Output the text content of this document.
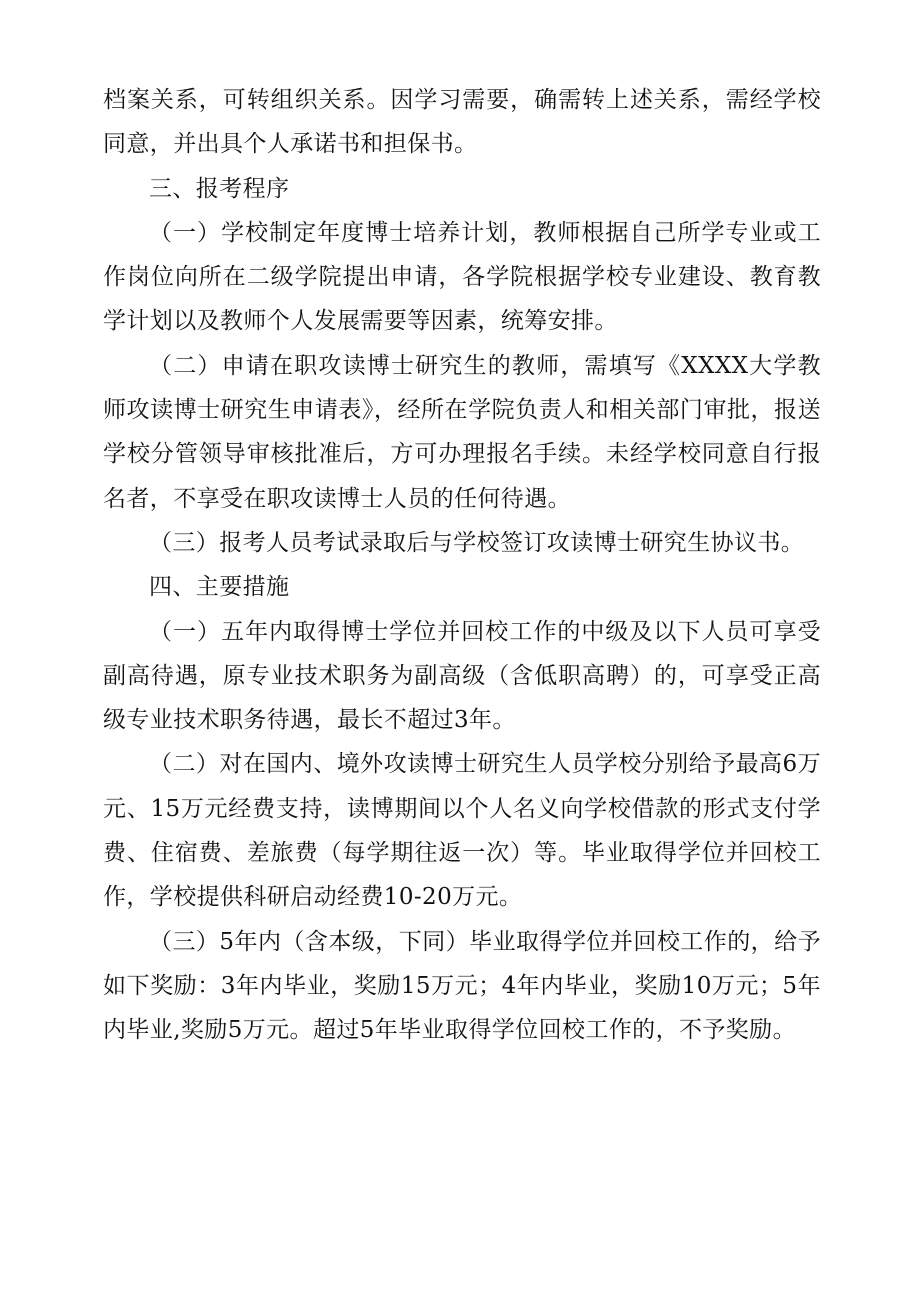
档案关系，可转组织关系。因学习需要，确需转上述关系，需经学校同意，并出具个人承诺书和担保书。

三、报考程序

（一）学校制定年度博士培养计划，教师根据自己所学专业或工作岗位向所在二级学院提出申请，各学院根据学校专业建设、教育教学计划以及教师个人发展需要等因素，统筹安排。

（二）申请在职攻读博士研究生的教师，需填写《XXXX大学教师攻读博士研究生申请表》，经所在学院负责人和相关部门审批，报送学校分管领导审核批准后，方可办理报名手续。未经学校同意自行报名者，不享受在职攻读博士人员的任何待遇。

（三）报考人员考试录取后与学校签订攻读博士研究生协议书。

四、主要措施

（一）五年内取得博士学位并回校工作的中级及以下人员可享受副高待遇，原专业技术职务为副高级（含低职高聘）的，可享受正高级专业技术职务待遇，最长不超过3年。

（二）对在国内、境外攻读博士研究生人员学校分别给予最高6万元、15万元经费支持，读博期间以个人名义向学校借款的形式支付学费、住宿费、差旅费（每学期往返一次）等。毕业取得学位并回校工作，学校提供科研启动经费10-20万元。

（三）5年内（含本级，下同）毕业取得学位并回校工作的，给予如下奖励：3年内毕业，奖励15万元；4年内毕业，奖励10万元；5年内毕业,奖励5万元。超过5年毕业取得学位回校工作的，不予奖励。
